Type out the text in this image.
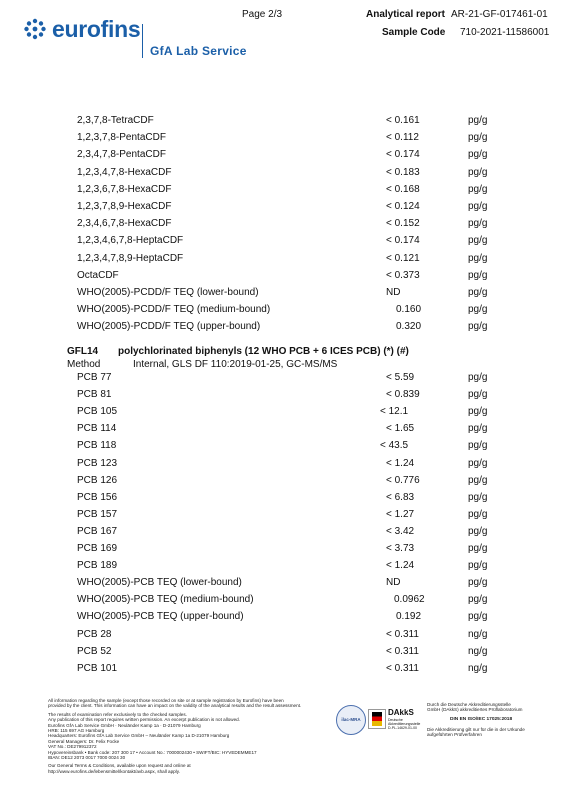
eurofins
GfA Lab Service
Page 2/3	Analytical report AR-21-GF-017461-01
Sample Code 710-2021-11586001
2,3,7,8-TetraCDF	< 0.161	pg/g
1,2,3,7,8-PentaCDF	< 0.112	pg/g
2,3,4,7,8-PentaCDF	< 0.174	pg/g
1,2,3,4,7,8-HexaCDF	< 0.183	pg/g
1,2,3,6,7,8-HexaCDF	< 0.168	pg/g
1,2,3,7,8,9-HexaCDF	< 0.124	pg/g
2,3,4,6,7,8-HexaCDF	< 0.152	pg/g
1,2,3,4,6,7,8-HeptaCDF	< 0.174	pg/g
1,2,3,4,7,8,9-HeptaCDF	< 0.121	pg/g
OctaCDF	< 0.373	pg/g
WHO(2005)-PCDD/F TEQ (lower-bound)	ND	pg/g
WHO(2005)-PCDD/F TEQ (medium-bound)	0.160	pg/g
WHO(2005)-PCDD/F TEQ (upper-bound)	0.320	pg/g
GFL14 polychlorinated biphenyls (12 WHO PCB + 6 ICES PCB) (*) (#)
Method	Internal, GLS DF 110:2019-01-25, GC-MS/MS
PCB 77	< 5.59	pg/g
PCB 81	< 0.839	pg/g
PCB 105	< 12.1	pg/g
PCB 114	< 1.65	pg/g
PCB 118	< 43.5	pg/g
PCB 123	< 1.24	pg/g
PCB 126	< 0.776	pg/g
PCB 156	< 6.83	pg/g
PCB 157	< 1.27	pg/g
PCB 167	< 3.42	pg/g
PCB 169	< 3.73	pg/g
PCB 189	< 1.24	pg/g
WHO(2005)-PCB TEQ (lower-bound)	ND	pg/g
WHO(2005)-PCB TEQ (medium-bound)	0.0962	pg/g
WHO(2005)-PCB TEQ (upper-bound)	0.192	pg/g
PCB 28	< 0.311	ng/g
PCB 52	< 0.311	ng/g
PCB 101	< 0.311	ng/g
All information regarding the sample (except those recorded on site or at sample registration by Eurofins) have been
provided by the client. This information can have an impact on the validity of the analytical results and the result assessment.
The results of examination refer exclusively to the checked samples.
Any publication of this report requires written permission. An excerpt publication is not allowed.
Eurofins GfA Lab Service GmbH · Neuländer Kamp 1a · D-21079 Hamburg
HRB: 115 697 AG Hamburg
Headquarters: Eurofins GfA Lab Service GmbH – Neuländer Kamp 1a D-21079 Hamburg
General Managers: Dr. Felix Focke
VAT No.: DE279912372
Hypovereinsbank • Bank code: 207 300 17 • Account No.: 7000002430 • SWIFT/BIC: HYVEDEMME17
IBAN: DE12 2073 0017 7000 0024 30
Our General Terms & Conditions, available upon request and online at
http://www.eurofins.de/lebensmittel/kontakt/avb.aspx, shall apply.
ilac-MRA
DAkkS
Deutsche Akkreditierungsstelle D-PL-14629-01-00
Durch die Deutsche Akkreditierungsstelle
GmbH (DAkkS) akkreditiertes Prüflaboratorium
DIN EN ISO/IEC 17025:2018
Die Akkreditierung gilt nur für die in der Urkunde
aufgeführten Prüfverfahren
